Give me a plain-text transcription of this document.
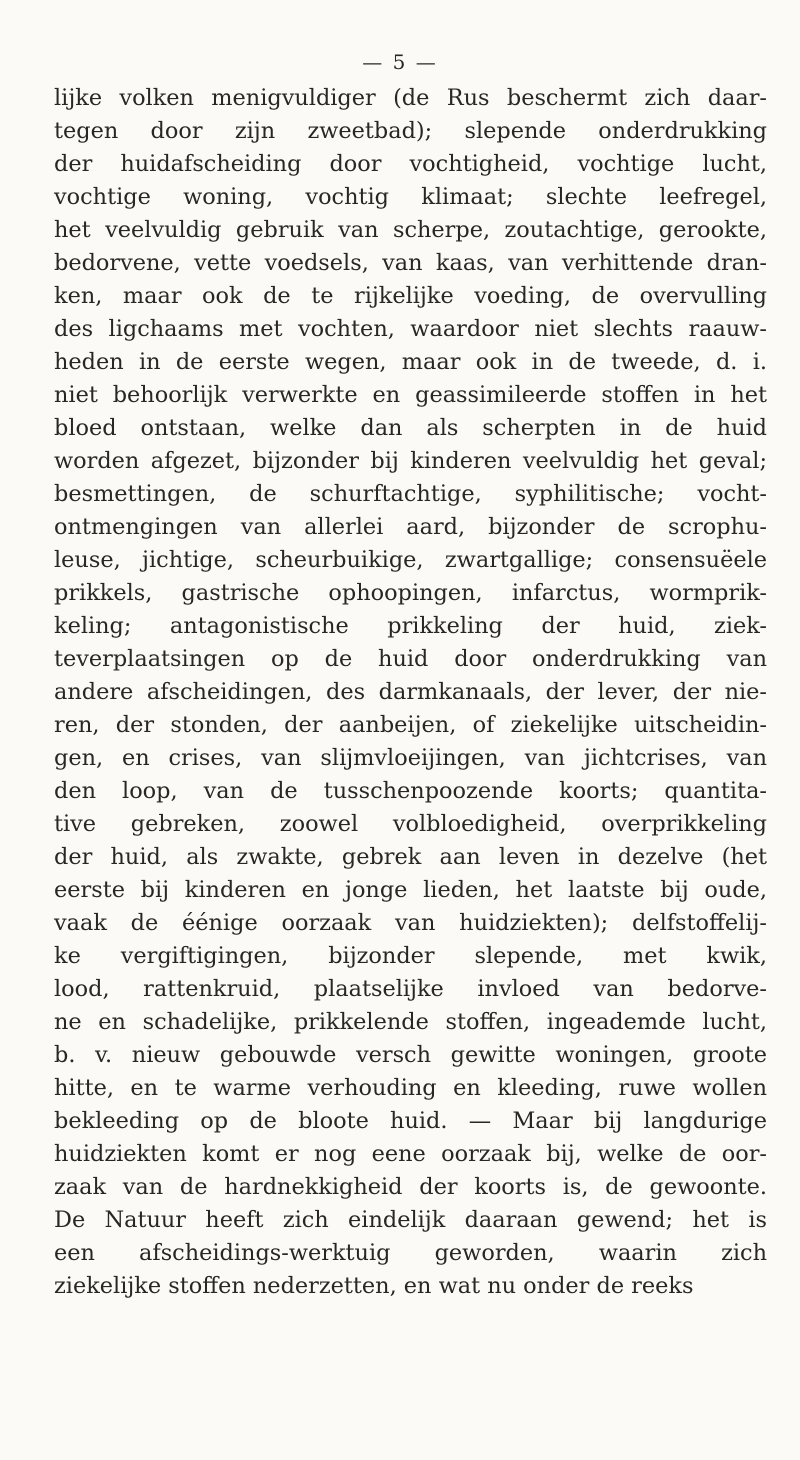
— 5 —
lijke volken menigvuldiger (de Rus beschermt zich daar-
tegen door zijn zweetbad); slepende onderdrukking
der huidafscheiding door vochtigheid, vochtige lucht,
vochtige woning, vochtig klimaat; slechte leefregel,
het veelvuldig gebruik van scherpe, zoutachtige, gerookte,
bedorvene, vette voedsels, van kaas, van verhittende dran-
ken, maar ook de te rijkelijke voeding, de overvulling
des ligchaams met vochten, waardoor niet slechts raauw-
heden in de eerste wegen, maar ook in de tweede, d. i.
niet behoorlijk verwerkte en geassimileerde stoffen in het
bloed ontstaan, welke dan als scherpten in de huid
worden afgezet, bijzonder bij kinderen veelvuldig het geval;
besmettingen, de schurftachtige, syphilitische; vocht-
ontmengingen van allerlei aard, bijzonder de scrophu-
leuse, jichtige, scheurbuikige, zwartgallige; consensuëele
prikkels, gastrische ophoopingen, infarctus, wormprik-
keling; antagonistische prikkeling der huid, ziek-
teverplaatsingen op de huid door onderdrukking van
andere afscheidingen, des darmkanaals, der lever, der nie-
ren, der stonden, der aanbeijen, of ziekelijke uitscheidin-
gen, en crises, van slijmvloeijingen, van jichtcrises, van
den loop, van de tusschenpoozende koorts; quantita-
tive gebreken, zoowel volbloedigheid, overprikkeling
der huid, als zwakte, gebrek aan leven in dezelve (het
eerste bij kinderen en jonge lieden, het laatste bij oude,
vaak de éénige oorzaak van huidziekten); delfstoffelij-
ke vergiftigingen, bijzonder slepende, met kwik,
lood, rattenkruid, plaatselijke invloed van bedorve-
ne en schadelijke, prikkelende stoffen, ingeademde lucht,
b. v. nieuw gebouwde versch gewitte woningen, groote
hitte, en te warme verhouding en kleeding, ruwe wollen
bekleeding op de bloote huid. — Maar bij langdurige
huidziekten komt er nog eene oorzaak bij, welke de oor-
zaak van de hardnekkigheid der koorts is, de gewoonte.
De Natuur heeft zich eindelijk daaraan gewend; het is
een afscheidings-werktuig geworden, waarin zich
ziekelijke stoffen nederzetten, en wat nu onder de reeks
